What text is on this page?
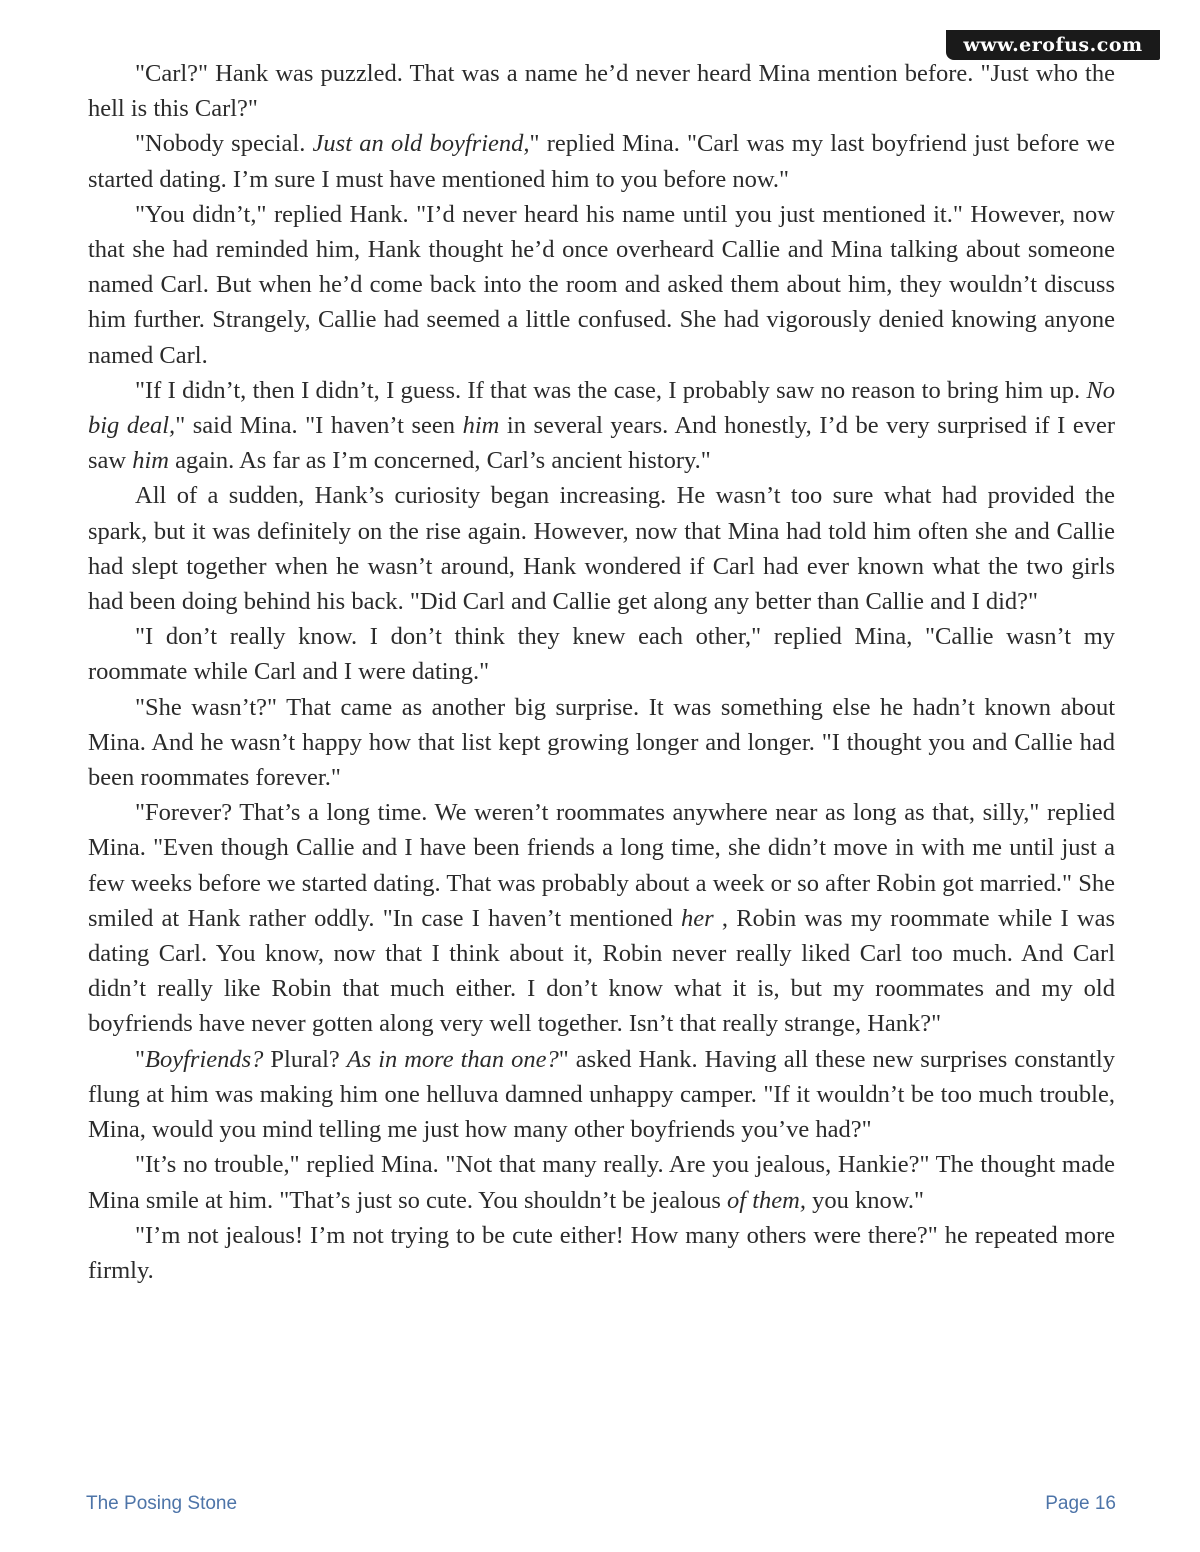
www.erofus.com

"Carl?" Hank was puzzled. That was a name he’d never heard Mina mention before. "Just who the hell is this Carl?"

"Nobody special. Just an old boyfriend," replied Mina. "Carl was my last boyfriend just before we started dating. I’m sure I must have mentioned him to you before now."

"You didn’t," replied Hank. "I’d never heard his name until you just mentioned it." However, now that she had reminded him, Hank thought he’d once overheard Callie and Mina talking about someone named Carl. But when he’d come back into the room and asked them about him, they wouldn’t discuss him further. Strangely, Callie had seemed a little confused. She had vigorously denied knowing anyone named Carl.

"If I didn’t, then I didn’t, I guess. If that was the case, I probably saw no reason to bring him up. No big deal," said Mina. "I haven’t seen him in several years. And honestly, I’d be very surprised if I ever saw him again. As far as I’m concerned, Carl’s ancient history."

All of a sudden, Hank’s curiosity began increasing. He wasn’t too sure what had provided the spark, but it was definitely on the rise again. However, now that Mina had told him often she and Callie had slept together when he wasn’t around, Hank wondered if Carl had ever known what the two girls had been doing behind his back. "Did Carl and Callie get along any better than Callie and I did?"

"I don’t really know. I don’t think they knew each other," replied Mina, "Callie wasn’t my roommate while Carl and I were dating."

"She wasn’t?" That came as another big surprise. It was something else he hadn’t known about Mina. And he wasn’t happy how that list kept growing longer and longer. "I thought you and Callie had been roommates forever."

"Forever? That’s a long time. We weren’t roommates anywhere near as long as that, silly," replied Mina. "Even though Callie and I have been friends a long time, she didn’t move in with me until just a few weeks before we started dating. That was probably about a week or so after Robin got married." She smiled at Hank rather oddly. "In case I haven’t mentioned her , Robin was my roommate while I was dating Carl. You know, now that I think about it, Robin never really liked Carl too much. And Carl didn’t really like Robin that much either. I don’t know what it is, but my roommates and my old boyfriends have never gotten along very well together. Isn’t that really strange, Hank?"

"Boyfriends? Plural? As in more than one?" asked Hank. Having all these new surprises constantly flung at him was making him one helluva damned unhappy camper. "If it wouldn’t be too much trouble, Mina, would you mind telling me just how many other boyfriends you’ve had?"

"It’s no trouble," replied Mina. "Not that many really. Are you jealous, Hankie?" The thought made Mina smile at him. "That’s just so cute. You shouldn’t be jealous of them, you know."

"I’m not jealous! I’m not trying to be cute either! How many others were there?" he repeated more firmly.

The Posing Stone	Page 16
